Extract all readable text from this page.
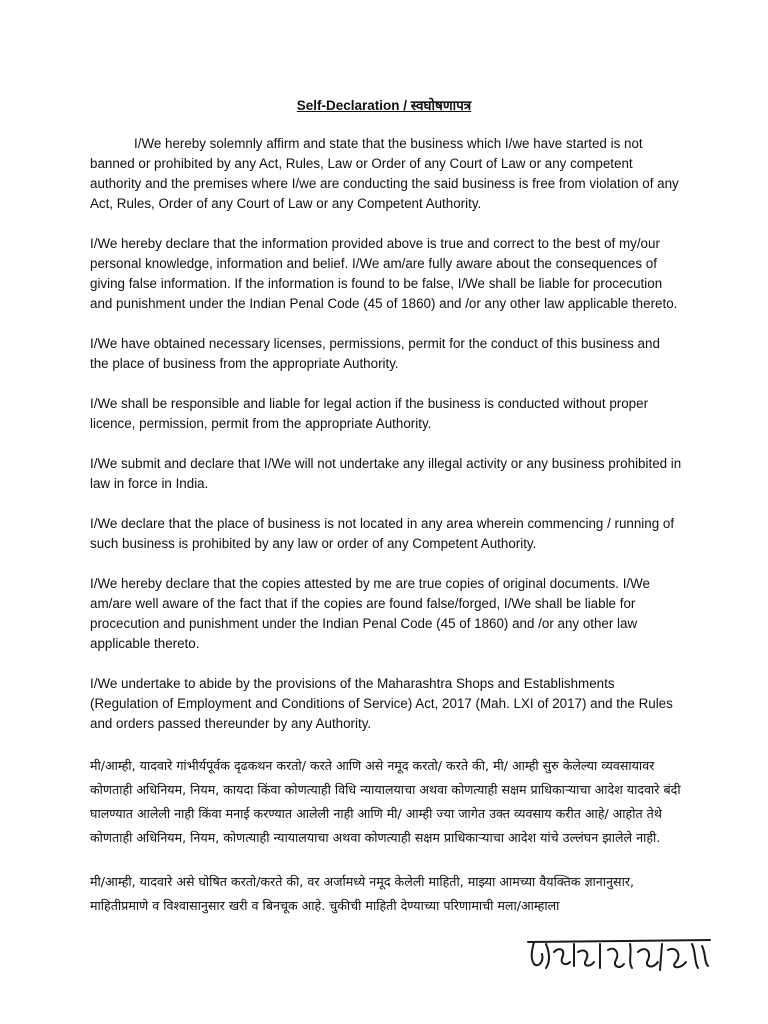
Self-Declaration / स्वघोषणापत्र

I/We hereby solemnly affirm and state that the business which I/we have started is not banned or prohibited by any Act, Rules, Law or Order of any Court of Law or any competent authority and the premises where I/we are conducting the said business is free from violation of any Act, Rules, Order of any Court of Law or any Competent Authority.

I/We hereby declare that the information provided above is true and correct to the best of my/our personal knowledge, information and belief. I/We am/are fully aware about the consequences of giving false information. If the information is found to be false, I/We shall be liable for procecution and punishment under the Indian Penal Code (45 of 1860) and /or any other law applicable thereto.

I/We have obtained necessary licenses, permissions, permit for the conduct of this business and the place of business from the appropriate Authority.

I/We shall be responsible and liable for legal action if the business is conducted without proper licence, permission, permit from the appropriate Authority.

I/We submit and declare that I/We will not undertake any illegal activity or any business prohibited in law in force in India.

I/We declare that the place of business is not located in any area wherein commencing / running of such business is prohibited by any law or order of any Competent Authority.

I/We hereby declare that the copies attested by me are true copies of original documents. I/We am/are well aware of the fact that if the copies are found false/forged, I/We shall be liable for procecution and punishment under the Indian Penal Code (45 of 1860) and /or any other law applicable thereto.

I/We undertake to abide by the provisions of the Maharashtra Shops and Establishments (Regulation of Employment and Conditions of Service) Act, 2017 (Mah. LXI of 2017) and the Rules and orders passed thereunder by any Authority.

मी/आम्ही, यादवारे गांभीर्यपूर्वक दृढकथन करतो/ करते आणि असे नमूद करतो/ करते की, मी/ आम्ही सुरु केलेल्या व्यवसायावर कोणताही अधिनियम, नियम, कायदा किंवा कोणत्याही विधि न्यायालयाचा अथवा कोणत्याही सक्षम प्राधिकाऱ्याचा आदेश यादवारे बंदी घालण्यात आलेली नाही किंवा मनाई करण्यात आलेली नाही आणि मी/ आम्ही ज्या जागेत उक्त व्यवसाय करीत आहे/ आहोत तेथे कोणताही अधिनियम, नियम, कोणत्याही न्यायालयाचा अथवा कोणत्याही सक्षम प्राधिकाऱ्याचा आदेश यांचे उल्लंघन झालेले नाही.

मी/आम्ही, यादवारे असे घोषित करतो/करते की, वर अर्जामध्ये नमूद केलेली माहिती, माझ्या आमच्या वैयक्तिक ज्ञानानुसार, माहितीप्रमाणे व विश्वासानुसार खरी व बिनचूक आहे. चुकीची माहिती देण्याच्या परिणामाची मला/आम्हाला
